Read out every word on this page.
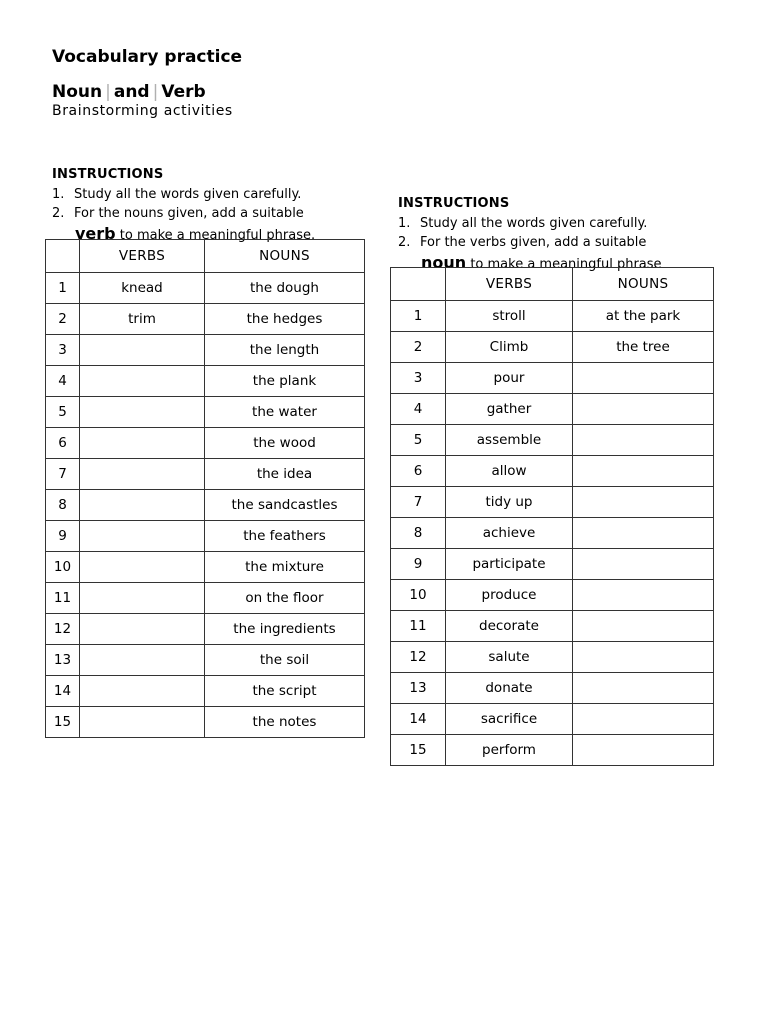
Vocabulary practice
Noun | and | Verb
Brainstorming activities
INSTRUCTIONS
1. Study all the words given carefully.
2. For the nouns given, add a suitable
verb to make a meaningful phrase.
	VERBS	NOUNS
1	knead	the dough
2	trim	the hedges
3		the length
4		the plank
5		the water
6		the wood
7		the idea
8		the sandcastles
9		the feathers
10		the mixture
11		on the floor
12		the ingredients
13		the soil
14		the script
15		the notes
INSTRUCTIONS
1. Study all the words given carefully.
2. For the verbs given, add a suitable
noun to make a meaningful phrase
	VERBS	NOUNS
1	stroll	at the park
2	Climb	the tree
3	pour	
4	gather	
5	assemble	
6	allow	
7	tidy up	
8	achieve	
9	participate	
10	produce	
11	decorate	
12	salute	
13	donate	
14	sacrifice	
15	perform	
